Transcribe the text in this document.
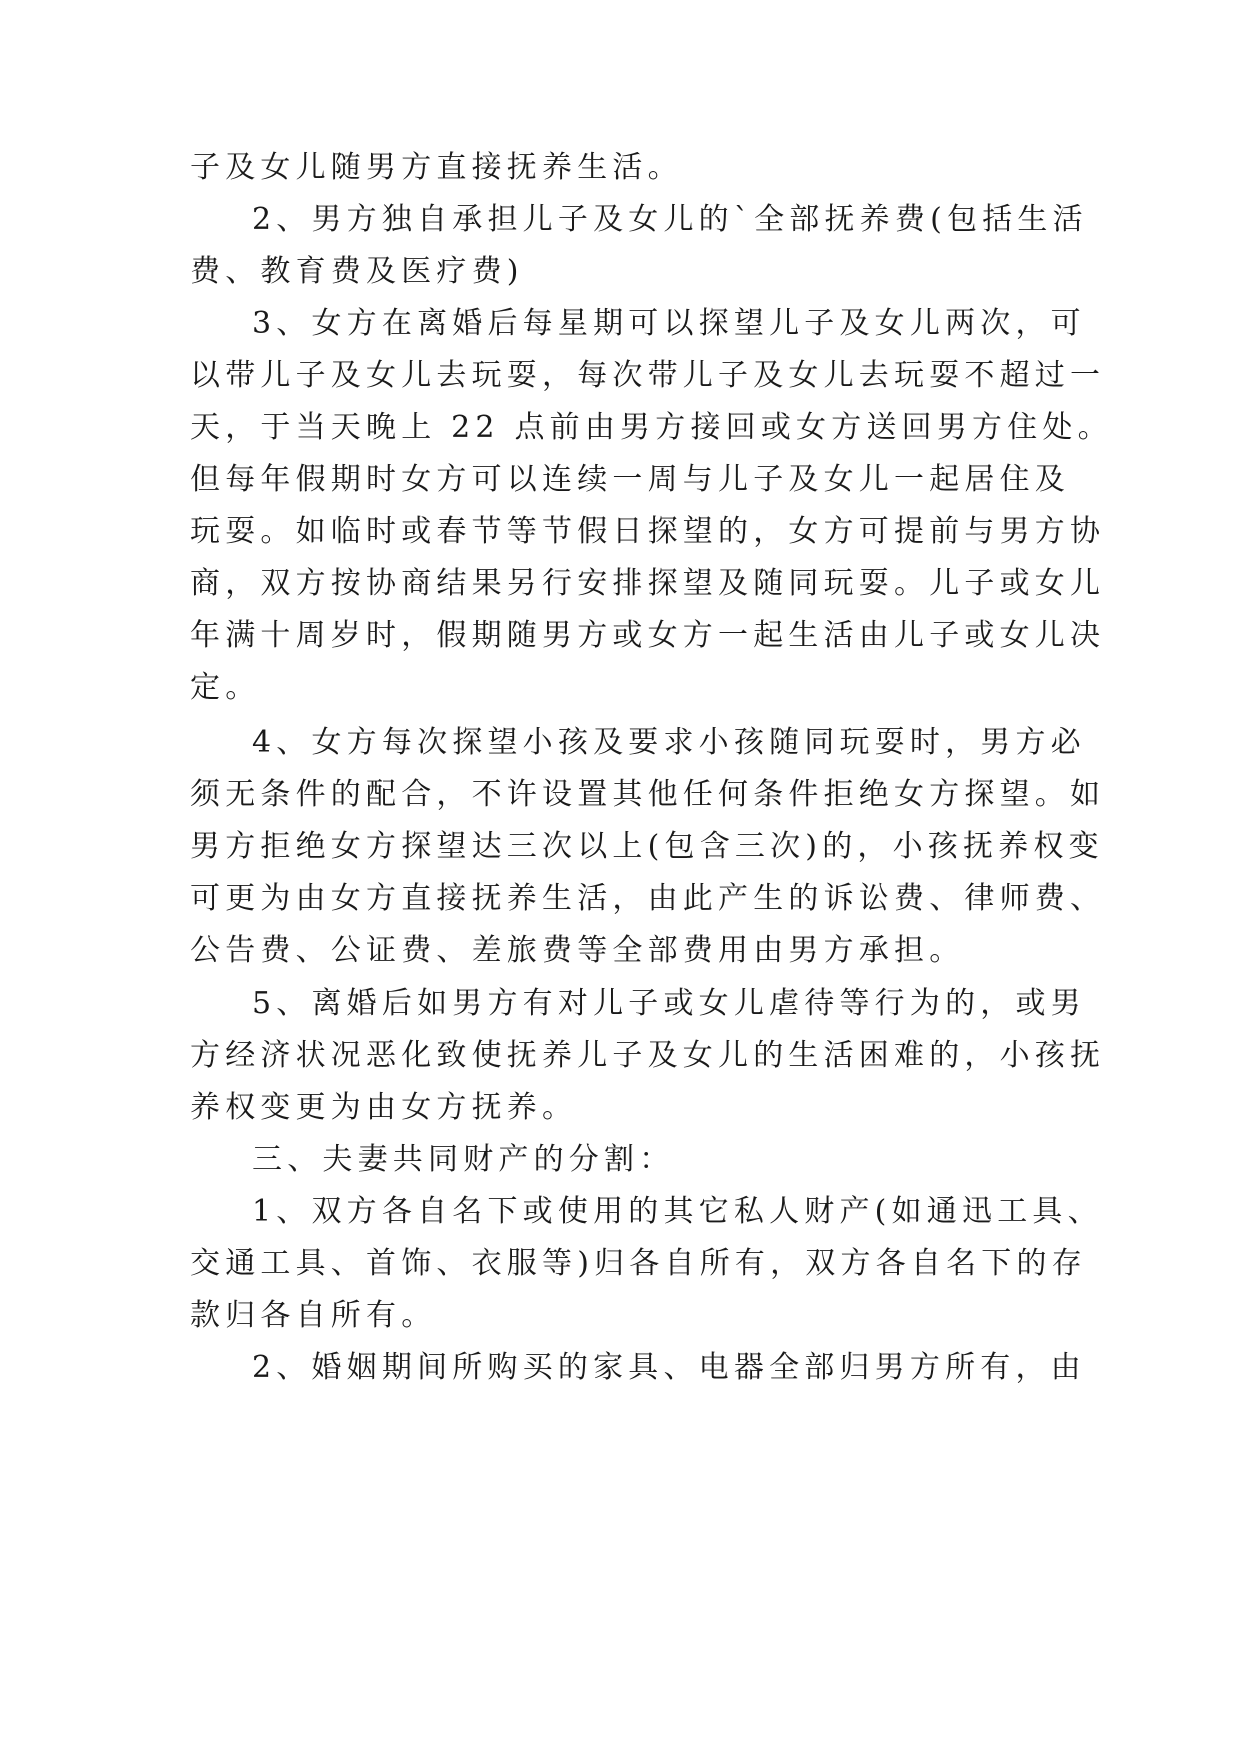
子及女儿随男方直接抚养生活。
2、男方独自承担儿子及女儿的`全部抚养费(包括生活
费、教育费及医疗费)
3、女方在离婚后每星期可以探望儿子及女儿两次，可
以带儿子及女儿去玩耍，每次带儿子及女儿去玩耍不超过一
天，于当天晚上 22 点前由男方接回或女方送回男方住处。
但每年假期时女方可以连续一周与儿子及女儿一起居住及
玩耍。如临时或春节等节假日探望的，女方可提前与男方协
商，双方按协商结果另行安排探望及随同玩耍。儿子或女儿
年满十周岁时，假期随男方或女方一起生活由儿子或女儿决
定。
4、女方每次探望小孩及要求小孩随同玩耍时，男方必
须无条件的配合，不许设置其他任何条件拒绝女方探望。如
男方拒绝女方探望达三次以上(包含三次)的，小孩抚养权变
可更为由女方直接抚养生活，由此产生的诉讼费、律师费、
公告费、公证费、差旅费等全部费用由男方承担。
5、离婚后如男方有对儿子或女儿虐待等行为的，或男
方经济状况恶化致使抚养儿子及女儿的生活困难的，小孩抚
养权变更为由女方抚养。
三、夫妻共同财产的分割：
1、双方各自名下或使用的其它私人财产(如通迅工具、
交通工具、首饰、衣服等)归各自所有，双方各自名下的存
款归各自所有。
2、婚姻期间所购买的家具、电器全部归男方所有，由
